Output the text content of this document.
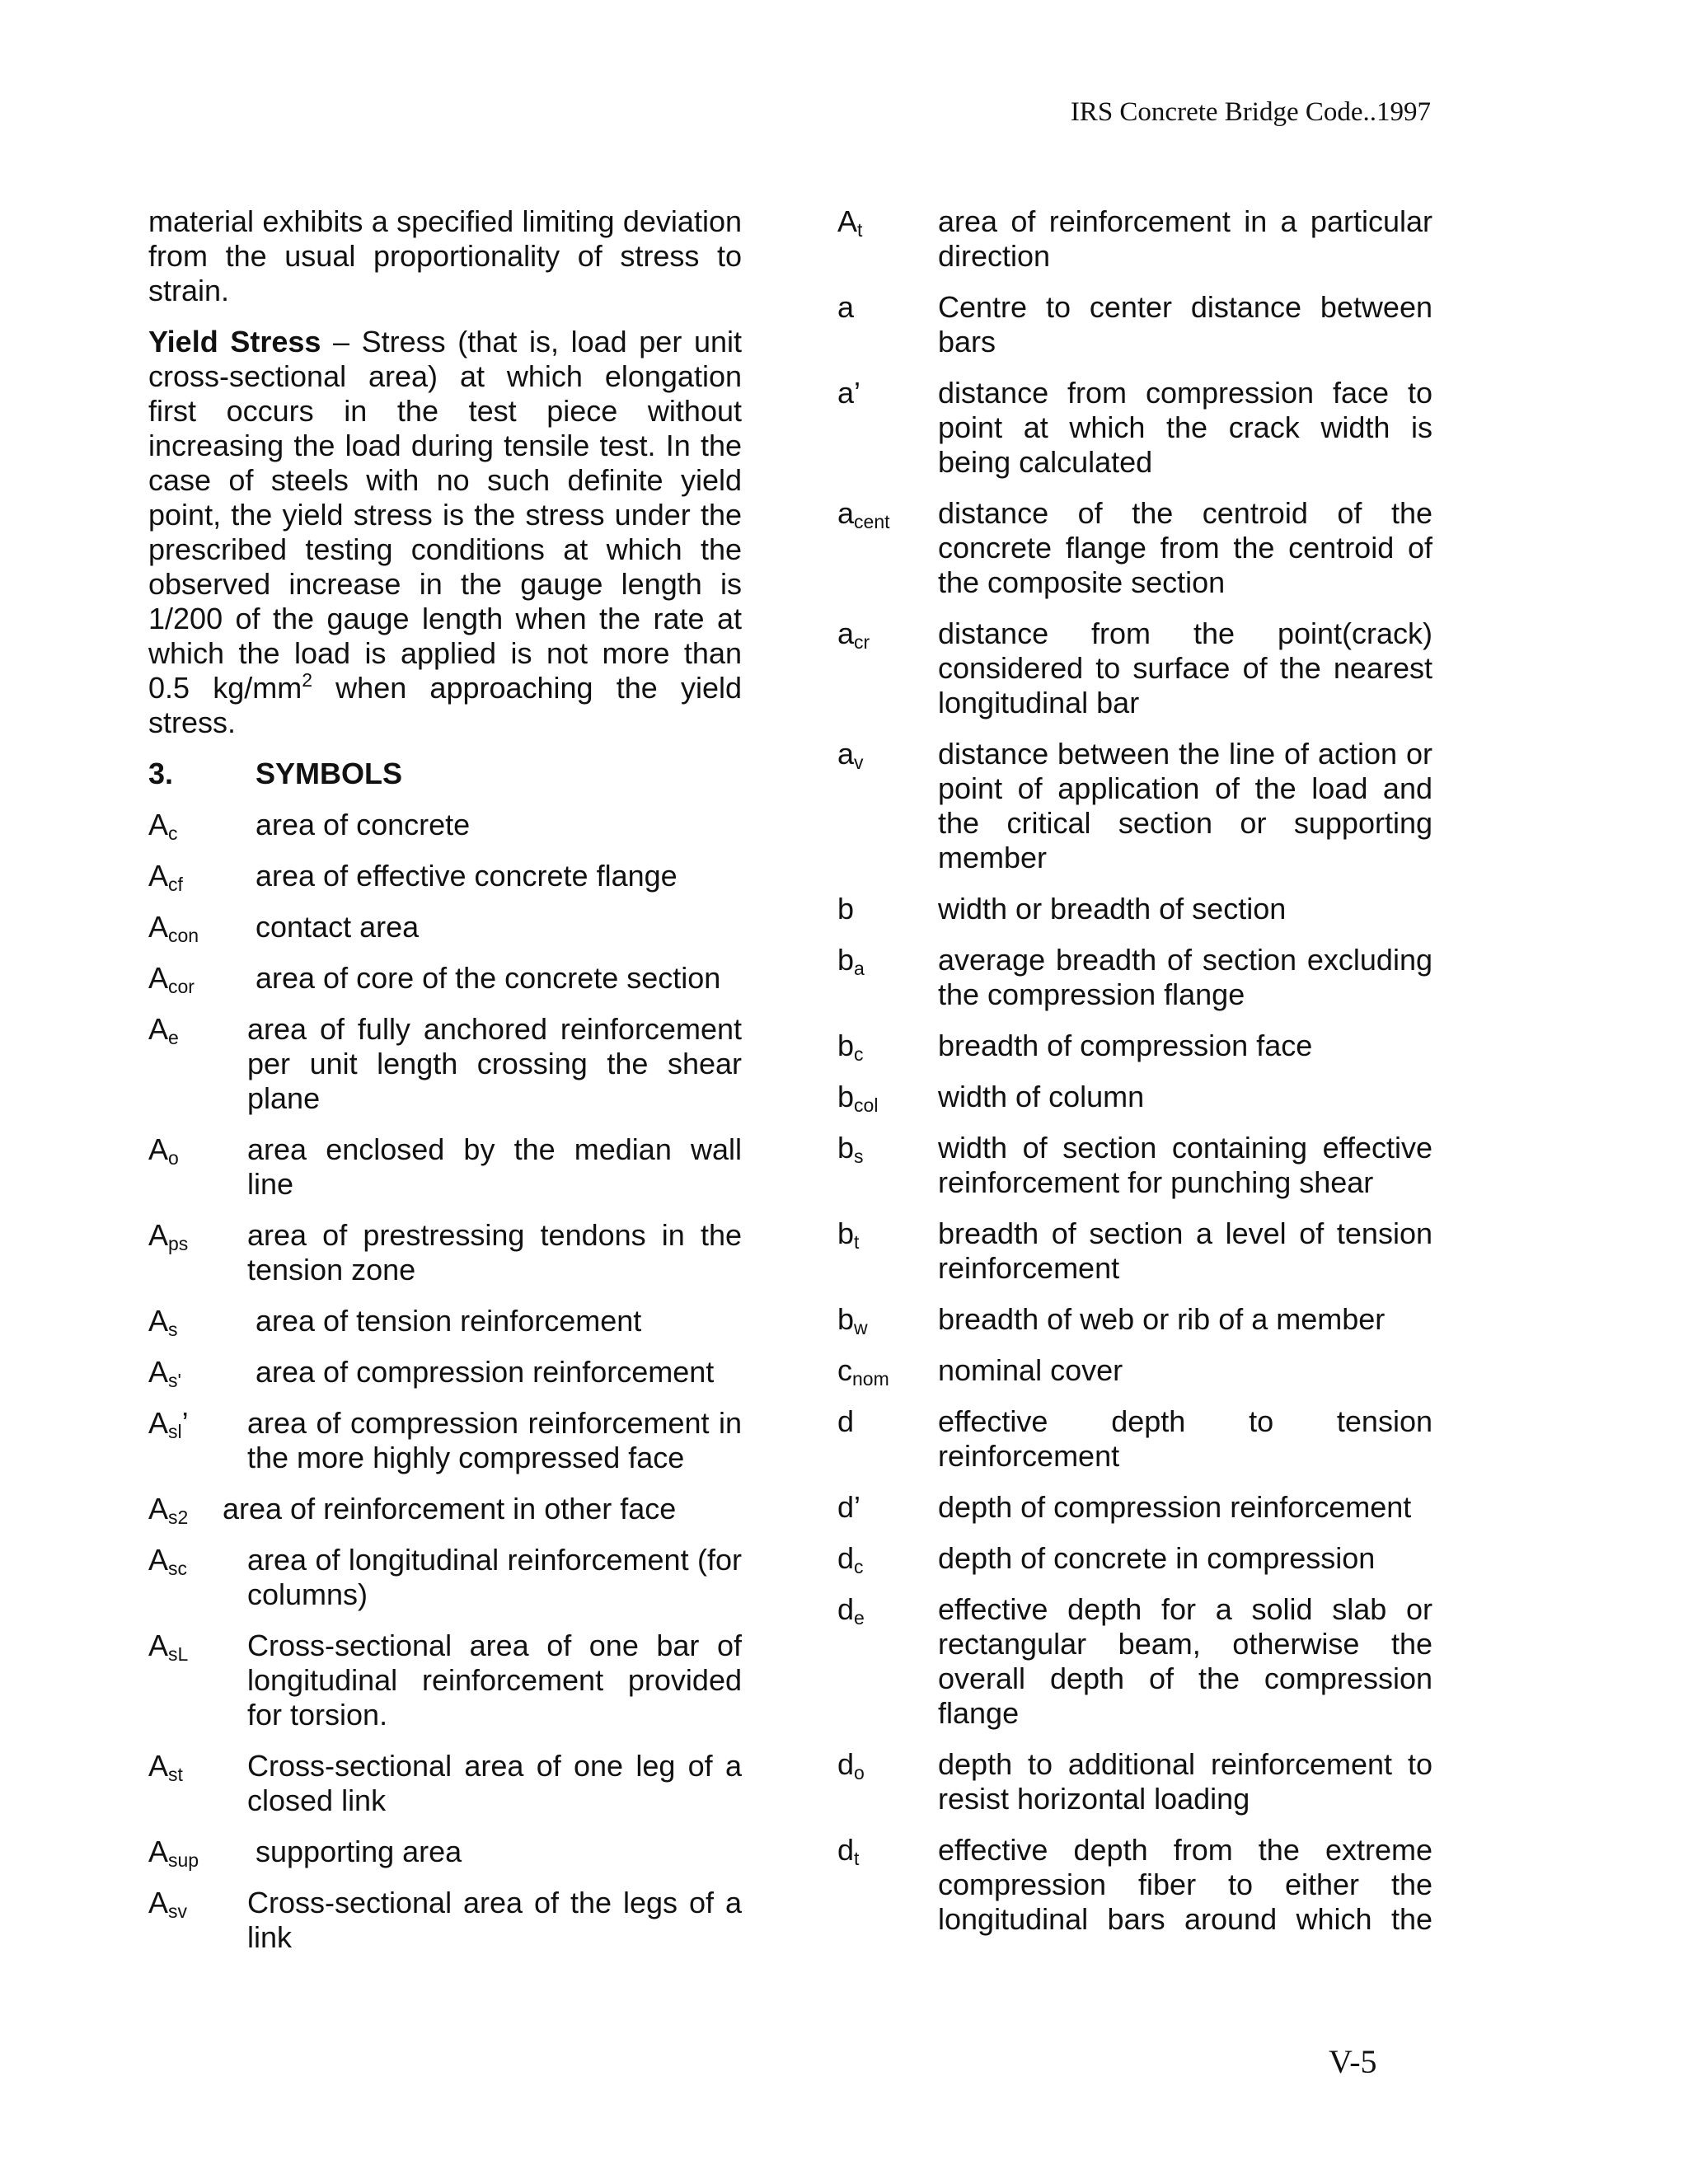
IRS Concrete Bridge Code..1997

material exhibits a specified limiting deviation from the usual proportionality of stress to strain.

Yield Stress – Stress (that is, load per unit cross-sectional area) at which elongation first occurs in the test piece without increasing the load during tensile test. In the case of steels with no such definite yield point, the yield stress is the stress under the prescribed testing conditions at which the observed increase in the gauge length is 1/200 of the gauge length when the rate at which the load is applied is not more than 0.5 $kg/mm^2$ when approaching the yield stress.

3.	SYMBOLS
$A_c$	area of concrete
$A_{cf}$	area of effective concrete flange
$A_{con}$	contact area
$A_{cor}$	area of core of the concrete section
$A_e$	area of fully anchored reinforcement per unit length crossing the shear plane
$A_o$	area enclosed by the median wall line
$A_{ps}$	area of prestressing tendons in the tension zone
$A_s$	area of tension reinforcement
$A_{s'}$	area of compression reinforcement
$A_{sl}$’	area of compression reinforcement in the more highly compressed face
$A_{s2}$	area of reinforcement in other face
$A_{sc}$	area of longitudinal reinforcement (for columns)
$A_{sL}$	Cross-sectional area of one bar of longitudinal reinforcement provided for torsion.
$A_{st}$	Cross-sectional area of one leg of a closed link
$A_{sup}$	supporting area
$A_{sv}$	Cross-sectional area of the legs of a link
$A_t$	area of reinforcement in a particular direction
a	Centre to center distance between bars
a’	distance from compression face to point at which the crack width is being calculated
$a_{cent}$	distance of the centroid of the concrete flange from the centroid of the composite section
$a_{cr}$	distance from the point(crack) considered to surface of the nearest longitudinal bar
$a_v$	distance between the line of action or point of application of the load and the critical section or supporting member
b	width or breadth of section
$b_a$	average breadth of section excluding the compression flange
$b_c$	breadth of compression face
$b_{col}$	width of column
$b_s$	width of section containing effective reinforcement for punching shear
$b_t$	breadth of section a level of tension reinforcement
$b_w$	breadth of web or rib of a member
$c_{nom}$	nominal cover
d	effective depth to tension reinforcement
d’	depth of compression reinforcement
$d_c$	depth of concrete in compression
$d_e$	effective depth for a solid slab or rectangular beam, otherwise the overall depth of the compression flange
$d_o$	depth to additional reinforcement to resist horizontal loading
$d_t$	effective depth from the extreme compression fiber to either the longitudinal bars around which the
V-5
